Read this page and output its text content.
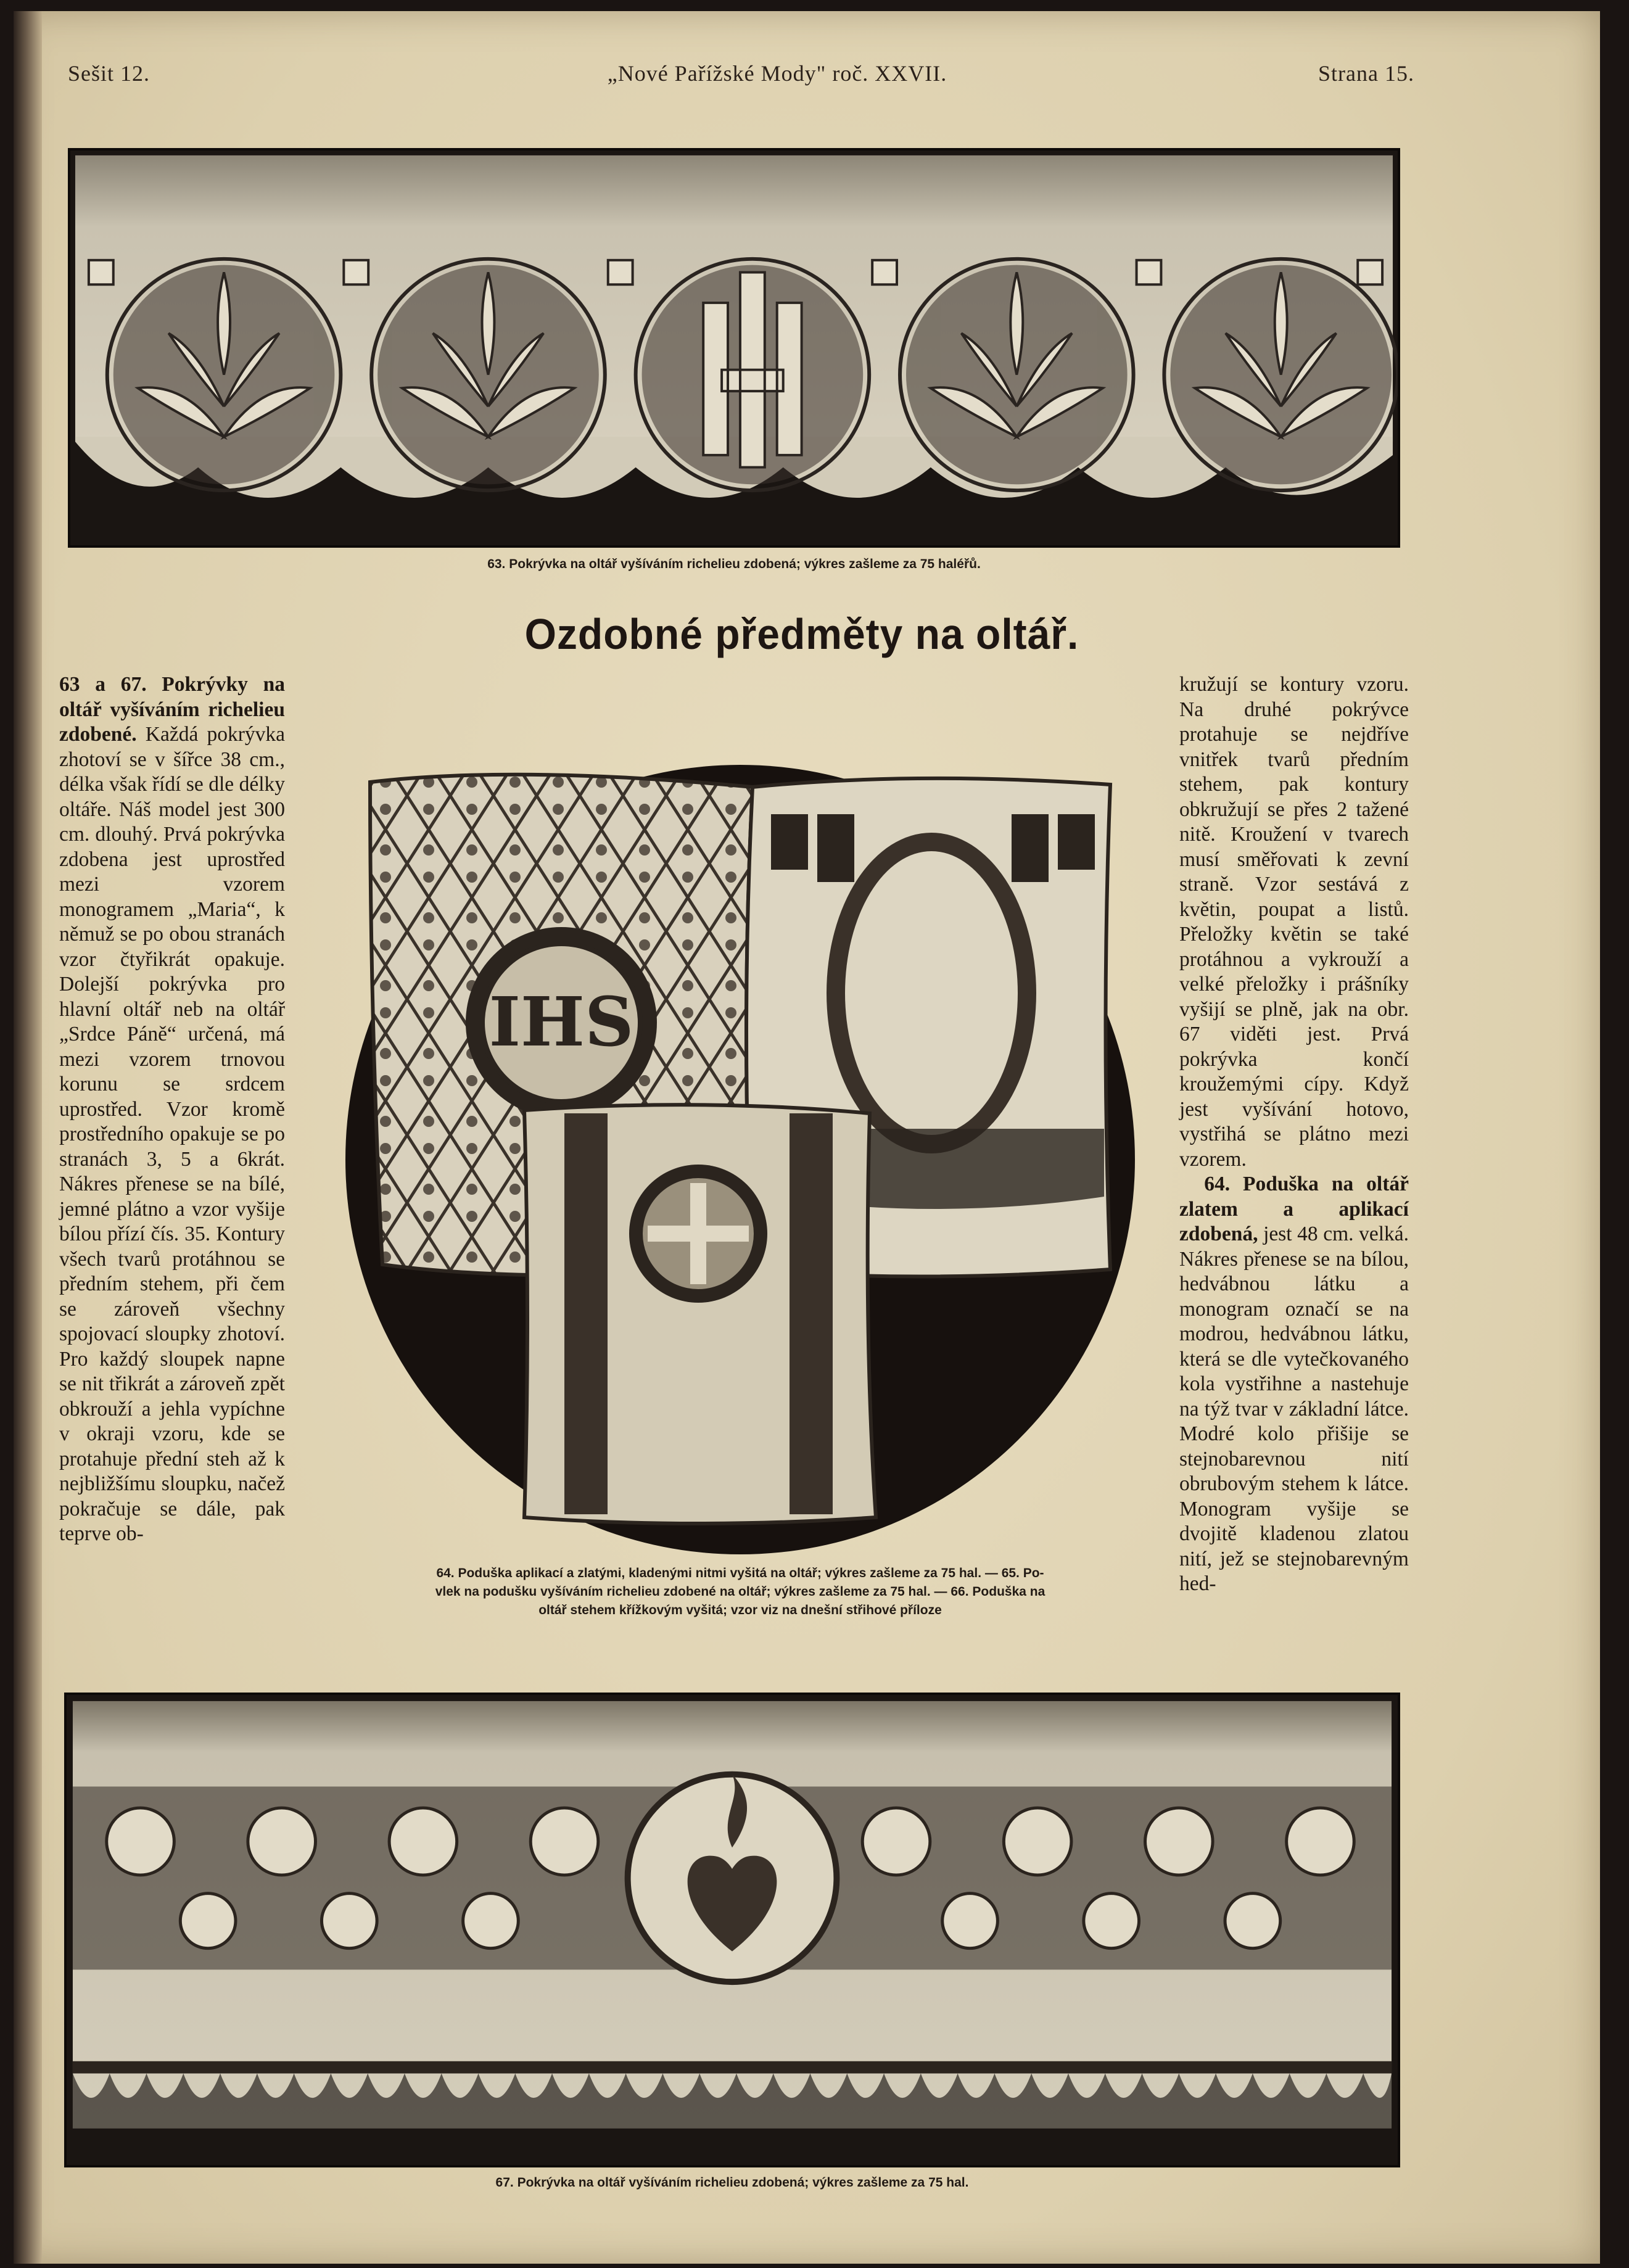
Sešit 12.	„Nové Pařížské Mody" roč. XXVII.	Strana 15.
63. Pokrývka na oltář vyšíváním richelieu zdobená; výkres zašleme za 75 haléřů.
Ozdobné předměty na oltář.

63 a 67. Pokrývky na oltář vyšíváním richelieu zdobené. Každá pokrývka zhotoví se v šířce 38 cm., délka však řídí se dle délky oltáře. Náš model jest 300 cm. dlouhý. Prvá pokrývka zdobena jest uprostřed mezi vzorem monogramem „Maria“, k němuž se po obou stranách vzor čtyřikrát opakuje. Dolejší pokrývka pro hlavní oltář neb na oltář „Srdce Páně“ určená, má mezi vzorem trnovou korunu se srdcem uprostřed. Vzor kromě prostředního opakuje se po stranách 3, 5 a 6krát. Nákres přenese se na bílé, jemné plátno a vzor vyšije bílou přízí čís. 35. Kontury všech tvarů protáhnou se předním stehem, při čem se zároveň všechny spojovací sloupky zhotoví. Pro každý sloupek napne se nit třikrát a zároveň zpět obkrouží a jehla vypíchne v okraji vzoru, kde se protahuje přední steh až k nejbližšímu sloupku, načež pokračuje se dále, pak teprve ob-

kružují se kontury vzoru. Na druhé pokrývce protahuje se nejdříve vnitřek tvarů předním stehem, pak kontury obkružují se přes 2 tažené nitě. Kroužení v tvarech musí směřovati k zevní straně. Vzor sestává z květin, poupat a listů. Přeložky květin se také protáhnou a vykrouží a velké přeložky i prášníky vyšijí se plně, jak na obr. 67 viděti jest. Prvá pokrývka končí kroužemými cípy. Když jest vyšívání hotovo, vystřihá se plátno mezi vzorem.

64. Poduška na oltář zlatem a aplikací zdobená, jest 48 cm. velká. Nákres přenese se na bílou, hedvábnou látku a monogram označí se na modrou, hedvábnou látku, která se dle vytečkovaného kola vystřihne a nastehuje na týž tvar v základní látce. Modré kolo přišije se stejnobarevnou nití obrubovým stehem k látce. Monogram vyšije se dvojitě kladenou zlatou nití, jež se stejnobarevným hed-

IHS
64. Poduška aplikací a zlatými, kladenými nitmi vyšitá na oltář; výkres zašleme za 75 hal. — 65. Po-
vlek na podušku vyšíváním richelieu zdobené na oltář; výkres zašleme za 75 hal. — 66. Poduška na
oltář stehem křížkovým vyšitá; vzor viz na dnešní střihové příloze
67. Pokrývka na oltář vyšíváním richelieu zdobená; výkres zašleme za 75 hal.
